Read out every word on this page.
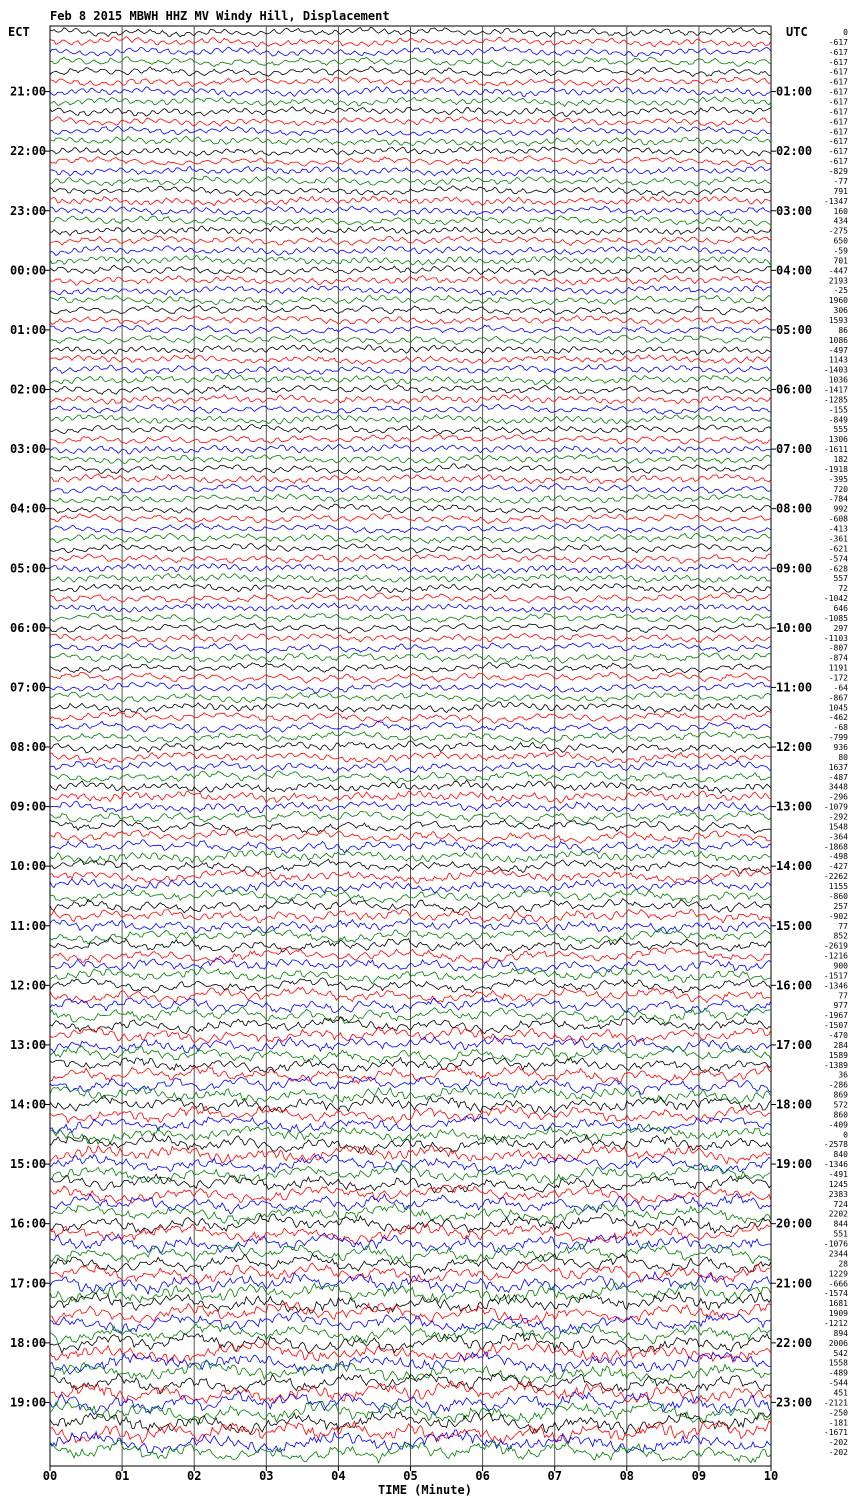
Feb 8 2015 MBWH HHZ MV Windy Hill, Displacement
ECT	UTC
21:00
22:00
23:00
00:00
01:00
02:00
03:00
04:00
05:00
06:00
07:00
08:00
09:00
10:00
11:00
12:00
13:00
14:00
15:00
16:00
17:00
18:00
19:00
01:00
02:00
03:00
04:00
05:00
06:00
07:00
08:00
09:00
10:00
11:00
12:00
13:00
14:00
15:00
16:00
17:00
18:00
19:00
20:00
21:00
22:00
23:00
0
-617
-617
-617
-617
-617
-617
-617
-617
-617
-617
-617
-617
-617
-829
-77
791
-1347
160
434
-275
650
-59
701
-447
2193
-25
1960
306
1593
86
1086
-497
1143
-1403
1036
-1417
-1285
-155
-849
555
1306
-1611
182
-1918
-395
720
-784
992
-608
-413
-361
-621
-574
-628
557
72
-1042
646
-1085
297
-1103
-807
-874
1191
-172
-64
-867
1045
-462
-68
-799
936
80
1637
-487
3448
-296
-1079
-292
1548
-364
-1868
-498
-427
-2262
1155
-860
257
-902
77
852
-2619
-1216
900
-1517
-1346
77
977
-1967
-1507
-470
284
1589
-1389
36
-286
869
572
860
-409
0
-2578
840
-1346
-491
1245
2383
724
2202
844
551
-1076
2344
28
1229
-666
-1574
1681
1909
-1212
894
2006
542
1558
-489
-544
451
-2121
-250
-181
-1671
-202
-202
00	01	02	03	04	05	06	07	08	09	10
TIME (Minute)
